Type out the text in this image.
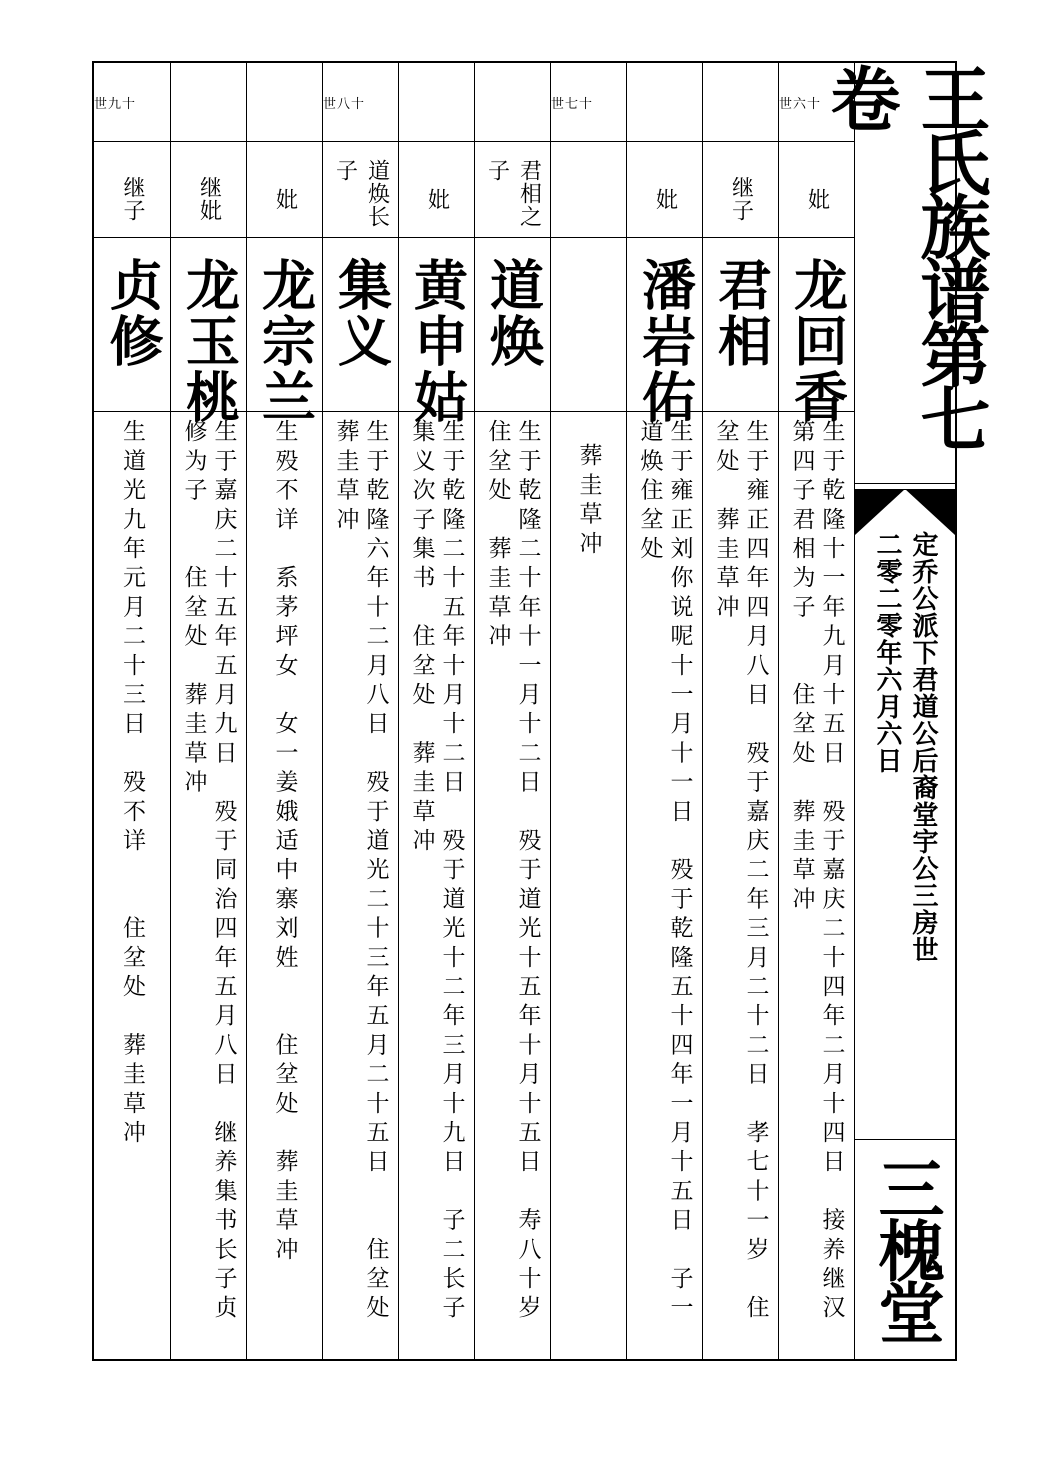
世六十
妣
龙回香
生于乾隆十一年九月十五日　殁于嘉庆二十四年二月十四日　接养继汉第四子君相为子　　住坌处　葬圭草冲
继子
君相
生于雍正四年四月八日　殁于嘉庆二年三月二十二日　孝七十一岁　住坌处　葬圭草冲
妣
潘岩佑
生于雍正刘你说呢十一月十一日　殁于乾隆五十四年一月十五日　子一道焕住坌处
世七十
葬圭草冲
君相之子
道焕
生于乾隆二十年十一月十二日　殁于道光十五年十月十五日　寿八十岁　住坌处　葬圭草冲
妣
黄申姑
生于乾隆二十五年十月十二日　殁于道光十二年三月十九日　子二长子集义次子集书　住坌处　葬圭草冲
世八十
道焕长子
集义
生于乾隆六年十二月八日　殁于道光二十三年五月二十五日　　住坌处　葬圭草冲
妣
龙宗兰
生殁不详　系茅坪女　女一姜娥适中寨刘姓　　住坌处　葬圭草冲
继妣
龙玉桃
生于嘉庆二十五年五月九日　殁于同治四年五月八日　继养集书长子贞修为子　　住坌处　葬圭草冲
世九十
继子
贞修
生道光九年元月二十三日　殁不详　　住坌处　葬圭草冲
王氏族谱第七卷
定乔公派下君道公后裔堂宇公三房世
二零二零年六月六日
三槐堂
